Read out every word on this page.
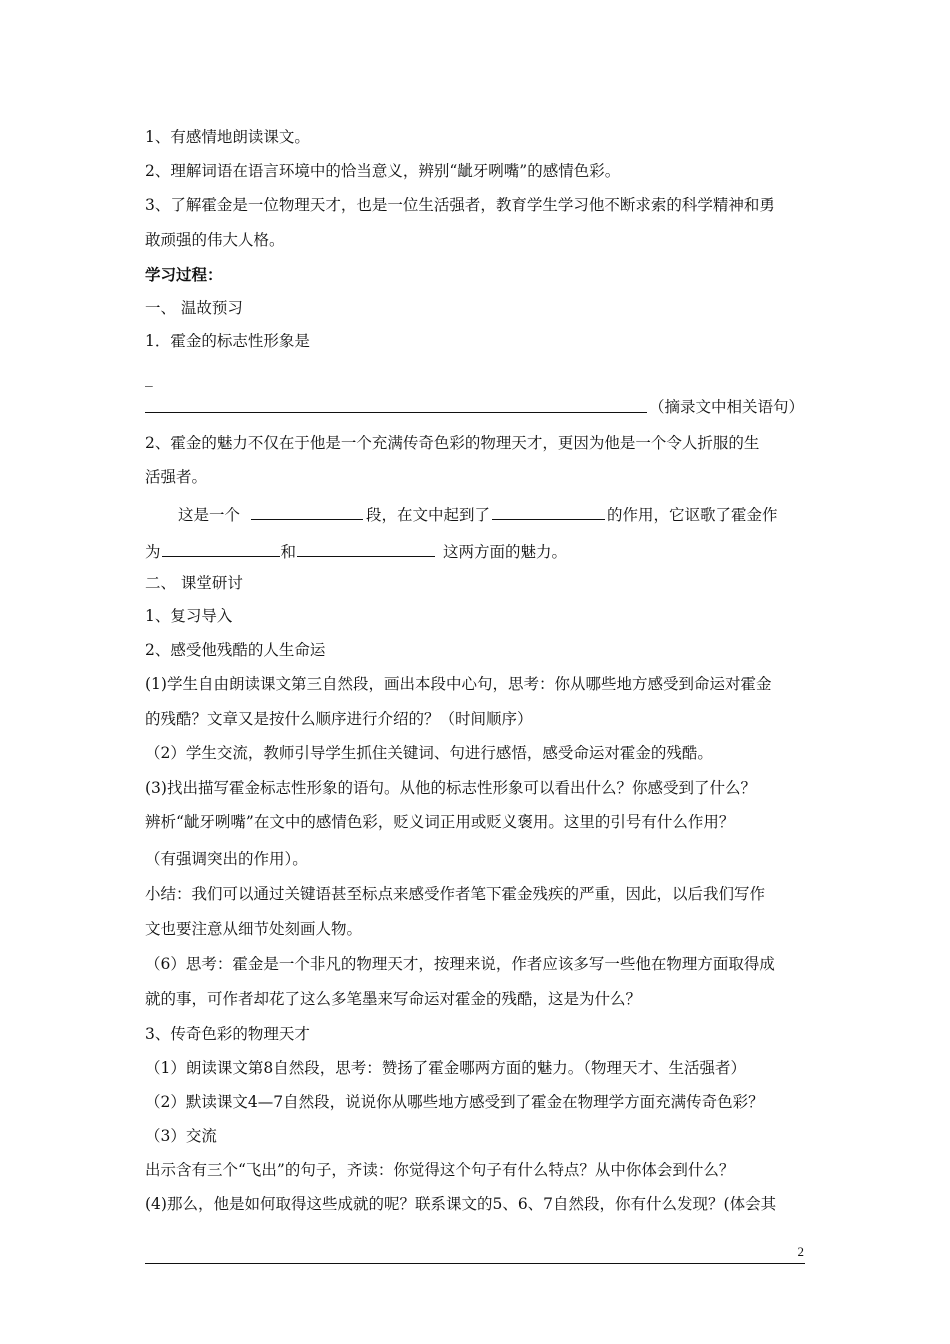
1、有感情地朗读课文。
2、理解词语在语言环境中的恰当意义，辨别“龇牙咧嘴”的感情色彩。
3、了解霍金是一位物理天才，也是一位生活强者，教育学生学习他不断求索的科学精神和勇
敢顽强的伟大人格。
学习过程：
一、 温故预习
1．霍金的标志性形象是
_
（摘录文中相关语句）
2、霍金的魅力不仅在于他是一个充满传奇色彩的物理天才，更因为他是一个令人折服的生
活强者。
这是一个	段，在文中起到了	的作用，它讴歌了霍金作
为	和	这两方面的魅力。
二、 课堂研讨
1、复习导入
2、感受他残酷的人生命运
(1)学生自由朗读课文第三自然段，画出本段中心句，思考：你从哪些地方感受到命运对霍金
的残酷？文章又是按什么顺序进行介绍的？（时间顺序）
（2）学生交流，教师引导学生抓住关键词、句进行感悟，感受命运对霍金的残酷。
(3)找出描写霍金标志性形象的语句。从他的标志性形象可以看出什么？你感受到了什么？
辨析“龇牙咧嘴”在文中的感情色彩，贬义词正用或贬义褒用。这里的引号有什么作用？
（有强调突出的作用）。
小结：我们可以通过关键语甚至标点来感受作者笔下霍金残疾的严重，因此，以后我们写作
文也要注意从细节处刻画人物。
（6）思考：霍金是一个非凡的物理天才，按理来说，作者应该多写一些他在物理方面取得成
就的事，可作者却花了这么多笔墨来写命运对霍金的残酷，这是为什么？
3、传奇色彩的物理天才
（1）朗读课文第8自然段，思考：赞扬了霍金哪两方面的魅力。（物理天才、生活强者）
（2）默读课文4—7自然段，说说你从哪些地方感受到了霍金在物理学方面充满传奇色彩？
（3）交流
出示含有三个“飞出”的句子，齐读：你觉得这个句子有什么特点？从中你体会到什么？
(4)那么，他是如何取得这些成就的呢？联系课文的5、6、7自然段，你有什么发现？(体会其
2
